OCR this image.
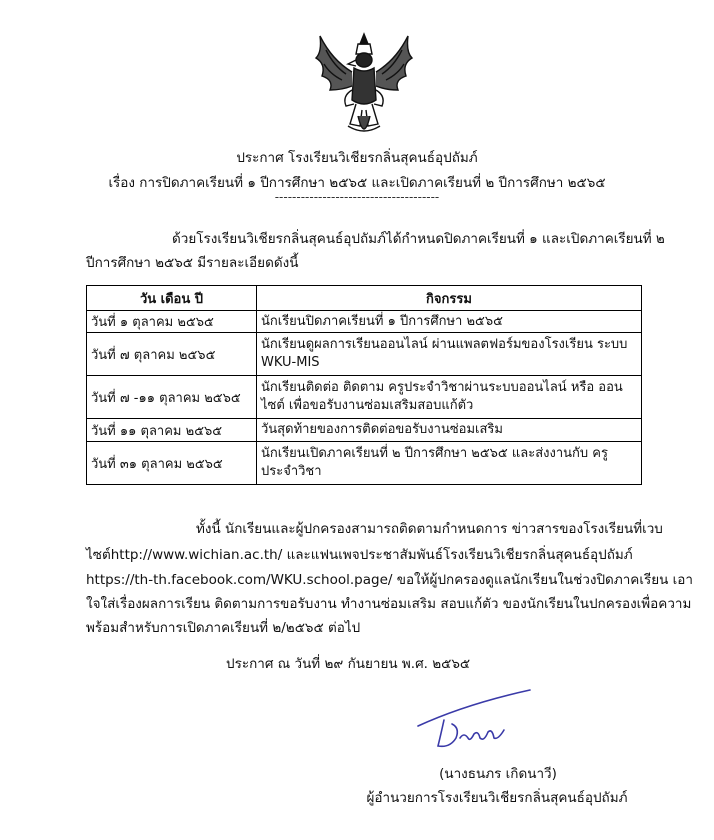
ประกาศ โรงเรียนวิเชียรกลิ่นสุคนธ์อุปถัมภ์
เรื่อง การปิดภาคเรียนที่ ๑ ปีการศึกษา ๒๕๖๕ และเปิดภาคเรียนที่ ๒ ปีการศึกษา ๒๕๖๕
--------------------------------------
ด้วยโรงเรียนวิเชียรกลิ่นสุคนธ์อุปถัมภ์ได้กำหนดปิดภาคเรียนที่ ๑ และเปิดภาคเรียนที่ ๒
ปีการศึกษา ๒๕๖๕ มีรายละเอียดดังนี้
วัน เดือน ปี	กิจกรรม
วันที่ ๑ ตุลาคม ๒๕๖๕	นักเรียนปิดภาคเรียนที่ ๑ ปีการศึกษา ๒๕๖๕
วันที่ ๗ ตุลาคม ๒๕๖๕	นักเรียนดูผลการเรียนออนไลน์ ผ่านแพลตฟอร์มของโรงเรียน ระบบ WKU-MIS
วันที่ ๗ -๑๑ ตุลาคม ๒๕๖๕	นักเรียนติดต่อ ติดตาม ครูประจำวิชาผ่านระบบออนไลน์ หรือ ออนไซต์ เพื่อขอรับงานซ่อมเสริมสอบแก้ตัว
วันที่ ๑๑ ตุลาคม ๒๕๖๕	วันสุดท้ายของการติดต่อขอรับงานซ่อมเสริม
วันที่ ๓๑ ตุลาคม ๒๕๖๕	นักเรียนเปิดภาคเรียนที่ ๒ ปีการศึกษา ๒๕๖๕ และส่งงานกับ ครูประจำวิชา
ทั้งนี้ นักเรียนและผู้ปกครองสามารถติดตามกำหนดการ ข่าวสารของโรงเรียนที่เวบ
ไซต์http://www.wichian.ac.th/ และแฟนเพจประชาสัมพันธ์โรงเรียนวิเชียรกลิ่นสุคนธ์อุปถัมภ์
https://th-th.facebook.com/WKU.school.page/ ขอให้ผู้ปกครองดูแลนักเรียนในช่วงปิดภาคเรียน เอา
ใจใส่เรื่องผลการเรียน ติดตามการขอรับงาน ทำงานซ่อมเสริม สอบแก้ตัว ของนักเรียนในปกครองเพื่อความ
พร้อมสำหรับการเปิดภาคเรียนที่ ๒/๒๕๖๕ ต่อไป
ประกาศ ณ วันที่ ๒๙ กันยายน พ.ศ. ๒๕๖๕
(นางธนภร เกิดนาวี)
ผู้อำนวยการโรงเรียนวิเชียรกลิ่นสุคนธ์อุปถัมภ์
